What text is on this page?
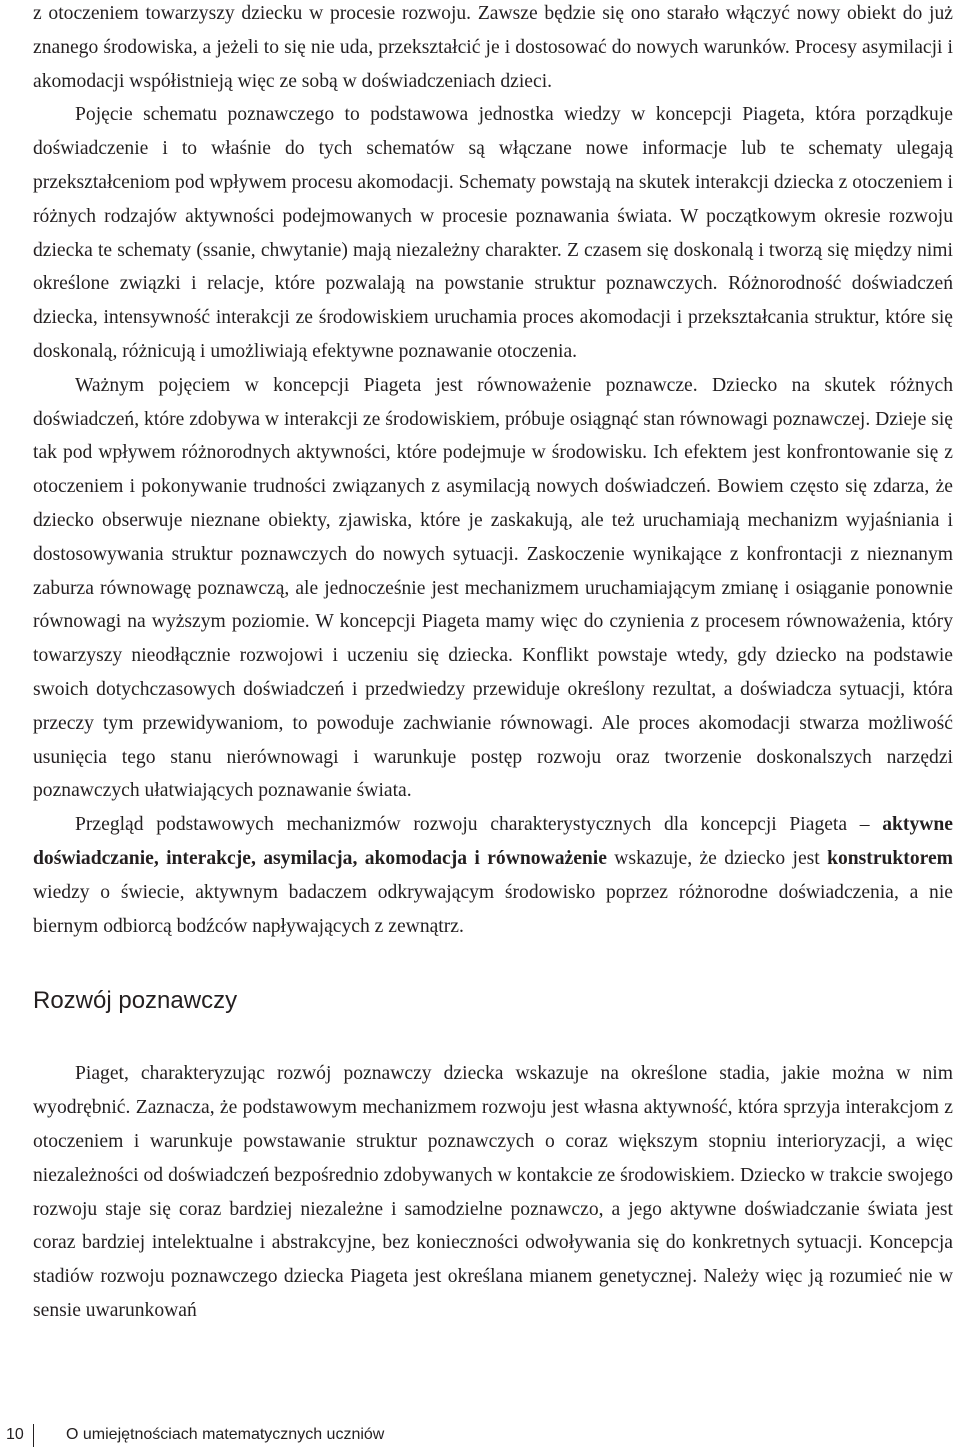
z otoczeniem towarzyszy dziecku w procesie rozwoju. Zawsze będzie się ono starało włączyć nowy obiekt do już znanego środowiska, a jeżeli to się nie uda, przekształcić je i dostosować do nowych warunków. Procesy asymilacji i akomodacji współistnieją więc ze sobą w doświadczeniach dzieci.

Pojęcie schematu poznawczego to podstawowa jednostka wiedzy w koncepcji Piageta, która porządkuje doświadczenie i to właśnie do tych schematów są włączane nowe informacje lub te schematy ulegają przekształceniom pod wpływem procesu akomodacji. Schematy powstają na skutek interakcji dziecka z otoczeniem i różnych rodzajów aktywności podejmowanych w procesie poznawania świata. W początkowym okresie rozwoju dziecka te schematy (ssanie, chwytanie) mają niezależny charakter. Z czasem się doskonalą i tworzą się między nimi określone związki i relacje, które pozwalają na powstanie struktur poznawczych. Różnorodność doświadczeń dziecka, intensywność interakcji ze środowiskiem uruchamia proces akomodacji i przekształcania struktur, które się doskonalą, różnicują i umożliwiają efektywne poznawanie otoczenia.

Ważnym pojęciem w koncepcji Piageta jest równoważenie poznawcze. Dziecko na skutek różnych doświadczeń, które zdobywa w interakcji ze środowiskiem, próbuje osiągnąć stan równowagi poznawczej. Dzieje się tak pod wpływem różnorodnych aktywności, które podejmuje w środowisku. Ich efektem jest konfrontowanie się z otoczeniem i pokonywanie trudności związanych z asymilacją nowych doświadczeń. Bowiem często się zdarza, że dziecko obserwuje nieznane obiekty, zjawiska, które je zaskakują, ale też uruchamiają mechanizm wyjaśniania i dostosowywania struktur poznawczych do nowych sytuacji. Zaskoczenie wynikające z konfrontacji z nieznanym zaburza równowagę poznawczą, ale jednocześnie jest mechanizmem uruchamiającym zmianę i osiąganie ponownie równowagi na wyższym poziomie. W koncepcji Piageta mamy więc do czynienia z procesem równoważenia, który towarzyszy nieodłącznie rozwojowi i uczeniu się dziecka. Konflikt powstaje wtedy, gdy dziecko na podstawie swoich dotychczasowych doświadczeń i przedwiedzy przewiduje określony rezultat, a doświadcza sytuacji, która przeczy tym przewidywaniom, to powoduje zachwianie równowagi. Ale proces akomodacji stwarza możliwość usunięcia tego stanu nierównowagi i warunkuje postęp rozwoju oraz tworzenie doskonalszych narzędzi poznawczych ułatwiających poznawanie świata.

Przegląd podstawowych mechanizmów rozwoju charakterystycznych dla koncepcji Piageta – aktywne doświadczanie, interakcje, asymilacja, akomodacja i równoważenie wskazuje, że dziecko jest konstruktorem wiedzy o świecie, aktywnym badaczem odkrywającym środowisko poprzez różnorodne doświadczenia, a nie biernym odbiorcą bodźców napływających z zewnątrz.

Rozwój poznawczy

Piaget, charakteryzując rozwój poznawczy dziecka wskazuje na określone stadia, jakie można w nim wyodrębnić. Zaznacza, że podstawowym mechanizmem rozwoju jest własna aktywność, która sprzyja interakcjom z otoczeniem i warunkuje powstawanie struktur poznawczych o coraz większym stopniu interioryzacji, a więc niezależności od doświadczeń bezpośrednio zdobywanych w kontakcie ze środowiskiem. Dziecko w trakcie swojego rozwoju staje się coraz bardziej niezależne i samodzielne poznawczo, a jego aktywne doświadczanie świata jest coraz bardziej intelektualne i abstrakcyjne, bez konieczności odwoływania się do konkretnych sytuacji. Koncepcja stadiów rozwoju poznawczego dziecka Piageta jest określana mianem genetycznej. Należy więc ją rozumieć nie w sensie uwarunkowań

10	O umiejętnościach matematycznych uczniów
